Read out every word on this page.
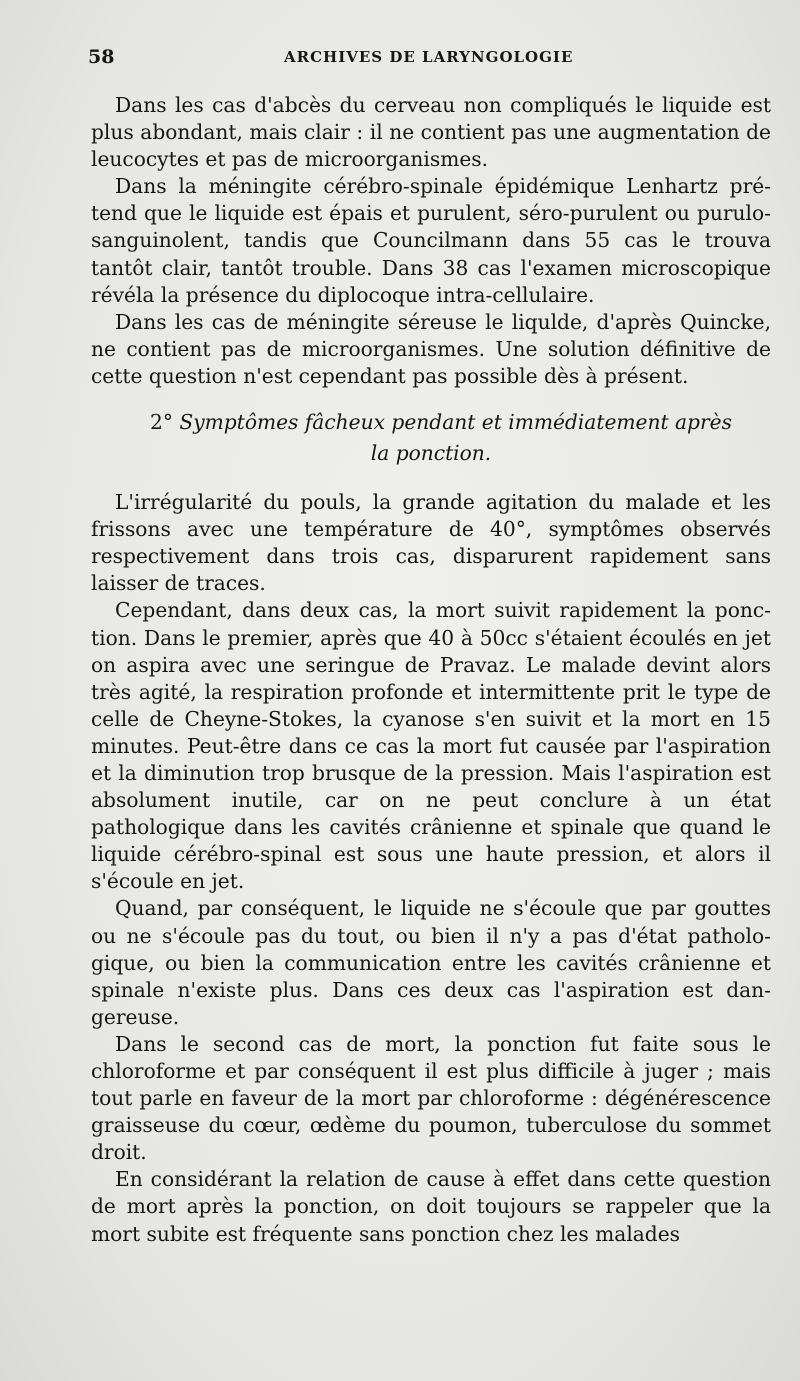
58	ARCHIVES DE LARYNGOLOGIE

Dans les cas d'abcès du cerveau non compliqués le liquide est plus abondant, mais clair : il ne contient pas une augmentation de leucocytes et pas de microorganismes.

Dans la méningite cérébro-spinale épidémique Lenhartz prétend que le liquide est épais et purulent, séro-purulent ou purulo-sanguinolent, tandis que Councilmann dans 55 cas le trouva tantôt clair, tantôt trouble. Dans 38 cas l'examen microscopique révéla la présence du diplocoque intra-cellulaire.

Dans les cas de méningite séreuse le liqulde, d'après Quincke, ne contient pas de microorganismes. Une solution définitive de cette question n'est cependant pas possible dès à présent.

2° Symptômes fâcheux pendant et immédiatement après
la ponction.

L'irrégularité du pouls, la grande agitation du malade et les frissons avec une température de 40°, symptômes observés respectivement dans trois cas, disparurent rapidement sans laisser de traces.

Cependant, dans deux cas, la mort suivit rapidement la ponction. Dans le premier, après que 40 à 50cc s'étaient écoulés en jet on aspira avec une seringue de Pravaz. Le malade devint alors très agité, la respiration profonde et intermittente prit le type de celle de Cheyne-Stokes, la cyanose s'en suivit et la mort en 15 minutes. Peut-être dans ce cas la mort fut causée par l'aspiration et la diminution trop brusque de la pression. Mais l'aspiration est absolument inutile, car on ne peut conclure à un état pathologique dans les cavités crânienne et spinale que quand le liquide cérébro-spinal est sous une haute pression, et alors il s'écoule en jet.

Quand, par conséquent, le liquide ne s'écoule que par gouttes ou ne s'écoule pas du tout, ou bien il n'y a pas d'état pathologique, ou bien la communication entre les cavités crânienne et spinale n'existe plus. Dans ces deux cas l'aspiration est dangereuse.

Dans le second cas de mort, la ponction fut faite sous le chloroforme et par conséquent il est plus difficile à juger ; mais tout parle en faveur de la mort par chloroforme : dégénérescence graisseuse du cœur, œdème du poumon, tuberculose du sommet droit.

En considérant la relation de cause à effet dans cette question de mort après la ponction, on doit toujours se rappeler que la mort subite est fréquente sans ponction chez les malades
